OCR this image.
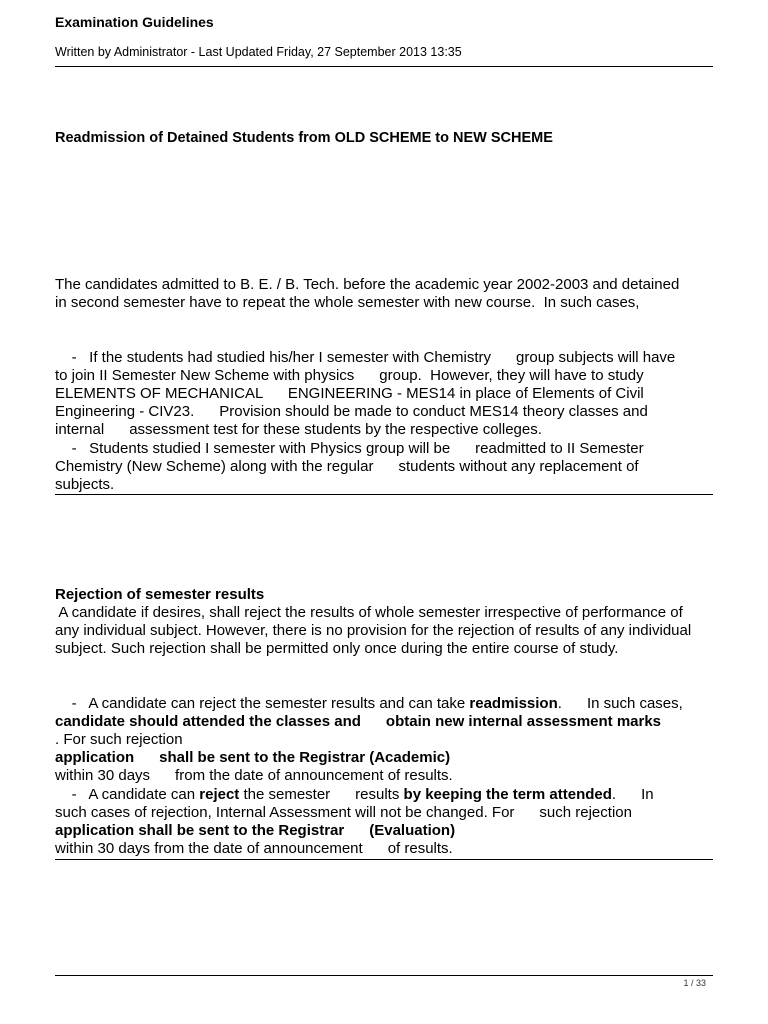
Examination Guidelines
Written by Administrator - Last Updated Friday, 27 September 2013 13:35
Readmission of Detained Students from OLD SCHEME to NEW SCHEME
The candidates admitted to B. E. / B. Tech. before the academic year 2002-2003 and detained
in second semester have to repeat the whole semester with new course.  In such cases,
-   If the students had studied his/her I semester with Chemistry      group subjects will have
to join II Semester New Scheme with physics      group.  However, they will have to study
ELEMENTS OF MECHANICAL      ENGINEERING - MES14 in place of Elements of Civil
Engineering - CIV23.      Provision should be made to conduct MES14 theory classes and
internal      assessment test for these students by the respective colleges.
-   Students studied I semester with Physics group will be      readmitted to II Semester
Chemistry (New Scheme) along with the regular      students without any replacement of
subjects.
Rejection of semester results
A candidate if desires, shall reject the results of whole semester irrespective of performance of
any individual subject. However, there is no provision for the rejection of results of any individual
subject. Such rejection shall be permitted only once during the entire course of study.
-   A candidate can reject the semester results and can take readmission.      In such cases,
candidate should attended the classes and      obtain new internal assessment marks
. For such rejection
application      shall be sent to the Registrar (Academic)
within 30 days      from the date of announcement of results.
-   A candidate can reject the semester      results by keeping the term attended.      In
such cases of rejection, Internal Assessment will not be changed. For      such rejection
application shall be sent to the Registrar      (Evaluation)
within 30 days from the date of announcement      of results.
1 / 33
